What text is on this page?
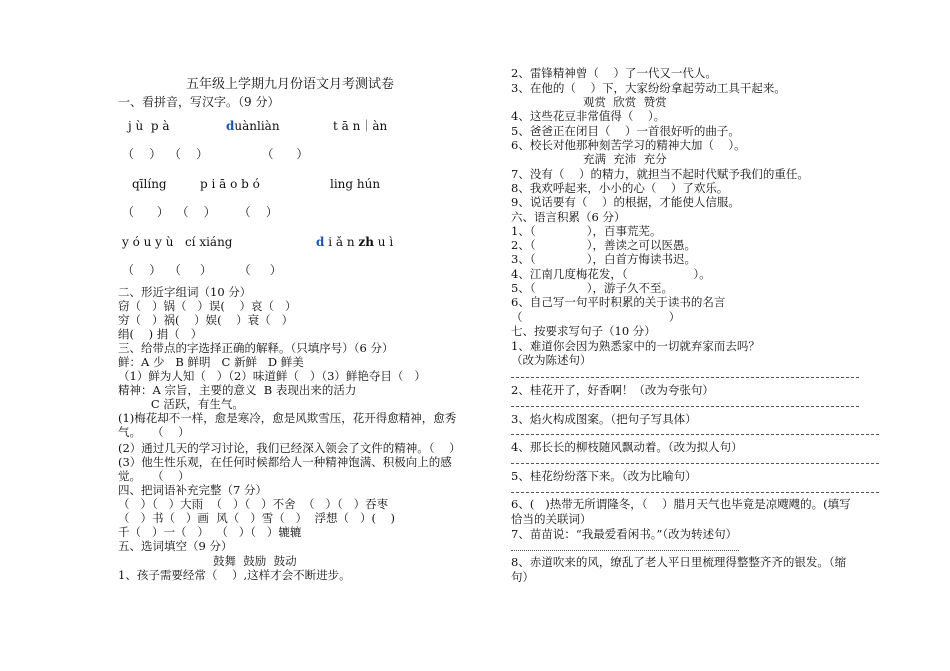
五年级上学期九月份语文月考测试卷
一、看拼音，写汉字。（9 分）
j ù  p à	duànliàn	t ā n｜àn
（    ）  （    ）              （      ）
qīlíng	p i ā o b ó	ling hún
（      ）  （    ）      （    ）
y ó u y ù   cí xiáng	d i ǎ n zh u ì
（    ）  （     ）       （     ）
二、形近字组词（10 分）
窃（   ）锅（   ）误(    ）哀（   ）
穷（   ）祸(    ）娱(    ）衰（   ）
绢(    ) 捐（   ）
三、给带点的字选择正确的解释。（只填序号）（6 分）
鲜：A 少   B 鲜明   C 新鲜   D 鲜美
（1）鲜为人知（   ）（2）味道鲜（   ）（3）鲜艳夺目（   ）
精神：A 宗旨，主要的意义  B 表现出来的活力
C 活跃，有生气。
(1)梅花却不一样，愈是寒冷，愈是风欺雪压，花开得愈精神，愈秀
气。   （    ）
(2）通过几天的学习讨论，我们已经深入领会了文件的精神。（    ）
(3）他生性乐观，在任何时候都给人一种精神饱满、积极向上的感
觉。   （    ）
四、把词语补充完整（7 分）
（   ）（   ）大雨  （   ）（   ）不舍  （   ）（   ）吞枣
（   ）书（   ）画  风（   ）雪（   ）  浮想（   ）(    )
千（   ）一（   ）  （   ）（   ）辘辘
五、选词填空（9 分）
鼓舞  鼓励  鼓动
1、孩子需要经常（    ）,这样才会不断进步。
2、雷锋精神曾（    ）了一代又一代人。
3、在他的（    ）下，大家纷纷拿起劳动工具干起来。
观赏  欣赏  赞赏
4、这些花豆非常值得（    ）。
5、爸爸正在闭目（    ）一首很好听的曲子。
6、校长对他那种刻苦学习的精神大加（    ）。
充满  充沛  充分
7、没有（    ）的精力，就担当不起时代赋予我们的重任。
8、我欢呼起来，小小的心（    ）了欢乐。
9、说话要有（    ）的根据，才能使人信服。
六、语言积累（6 分）
1、（              ），百事荒芜。
2、（              ），善读之可以医愚。
3、（              ），白首方悔读书迟。
4、江南几度梅花发，（                  ）。
5、（              ），游子久不至。
6、自己写一句平时积累的关于读书的名言
（                                        ）
七、按要求写句子（10 分）
1、难道你会因为熟悉家中的一切就弃家而去吗？
（改为陈述句）
2、桂花开了，好香啊！（改为夸张句）
3、焰火构成图案。（把句子写具体）
4、那长长的柳枝随风飘动着。（改为拟人句）
5、桂花纷纷落下来。（改为比喻句）
6、(   )热带无所谓隆冬，（    ）腊月天气也毕竟是凉飕飕的。(填写
恰当的关联词）
7、苗苗说：“我最爱看闲书。”（改为转述句）
8、赤道吹来的风，缭乱了老人平日里梳理得整整齐齐的银发。（缩
句）
